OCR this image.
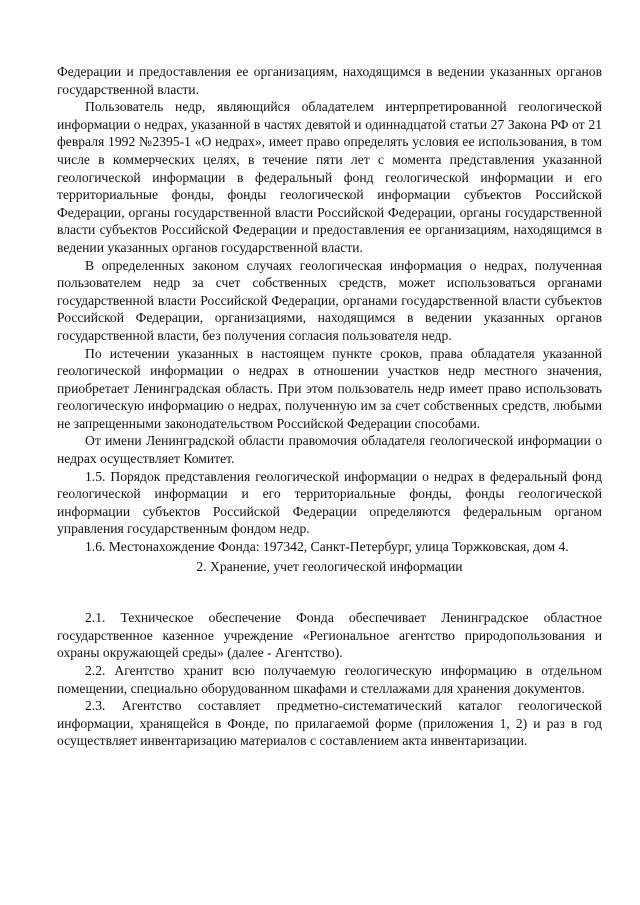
Федерации и предоставления ее организациям, находящимся в ведении указанных органов государственной власти.

Пользователь недр, являющийся обладателем интерпретированной геологической информации о недрах, указанной в частях девятой и одиннадцатой статьи 27 Закона РФ от 21 февраля 1992 №2395-1 «О недрах», имеет право определять условия ее использования, в том числе в коммерческих целях, в течение пяти лет с момента представления указанной геологической информации в федеральный фонд геологической информации и его территориальные фонды, фонды геологической информации субъектов Российской Федерации, органы государственной власти Российской Федерации, органы государственной власти субъектов Российской Федерации и предоставления ее организациям, находящимся в ведении указанных органов государственной власти.

В определенных законом случаях геологическая информация о недрах, полученная пользователем недр за счет собственных средств, может использоваться органами государственной власти Российской Федерации, органами государственной власти субъектов Российской Федерации, организациями, находящимся в ведении указанных органов государственной власти, без получения согласия пользователя недр.

По истечении указанных в настоящем пункте сроков, права обладателя указанной геологической информации о недрах в отношении участков недр местного значения, приобретает Ленинградская область. При этом пользователь недр имеет право использовать геологическую информацию о недрах, полученную им за счет собственных средств, любыми не запрещенными законодательством Российской Федерации способами.

От имени Ленинградской области правомочия обладателя геологической информации о недрах осуществляет Комитет.

1.5. Порядок представления геологической информации о недрах в федеральный фонд геологической информации и его территориальные фонды, фонды геологической информации субъектов Российской Федерации определяются федеральным органом управления государственным фондом недр.

1.6. Местонахождение Фонда: 197342, Санкт-Петербург, улица Торжковская, дом 4.

2. Хранение, учет геологической информации

2.1. Техническое обеспечение Фонда обеспечивает Ленинградское областное государственное казенное учреждение «Региональное агентство природопользования и охраны окружающей среды» (далее - Агентство).

2.2. Агентство хранит всю получаемую геологическую информацию в отдельном помещении, специально оборудованном шкафами и стеллажами для хранения документов.

2.3. Агентство составляет предметно-систематический каталог геологической информации, хранящейся в Фонде, по прилагаемой форме (приложения 1, 2) и раз в год осуществляет инвентаризацию материалов с составлением акта инвентаризации.
